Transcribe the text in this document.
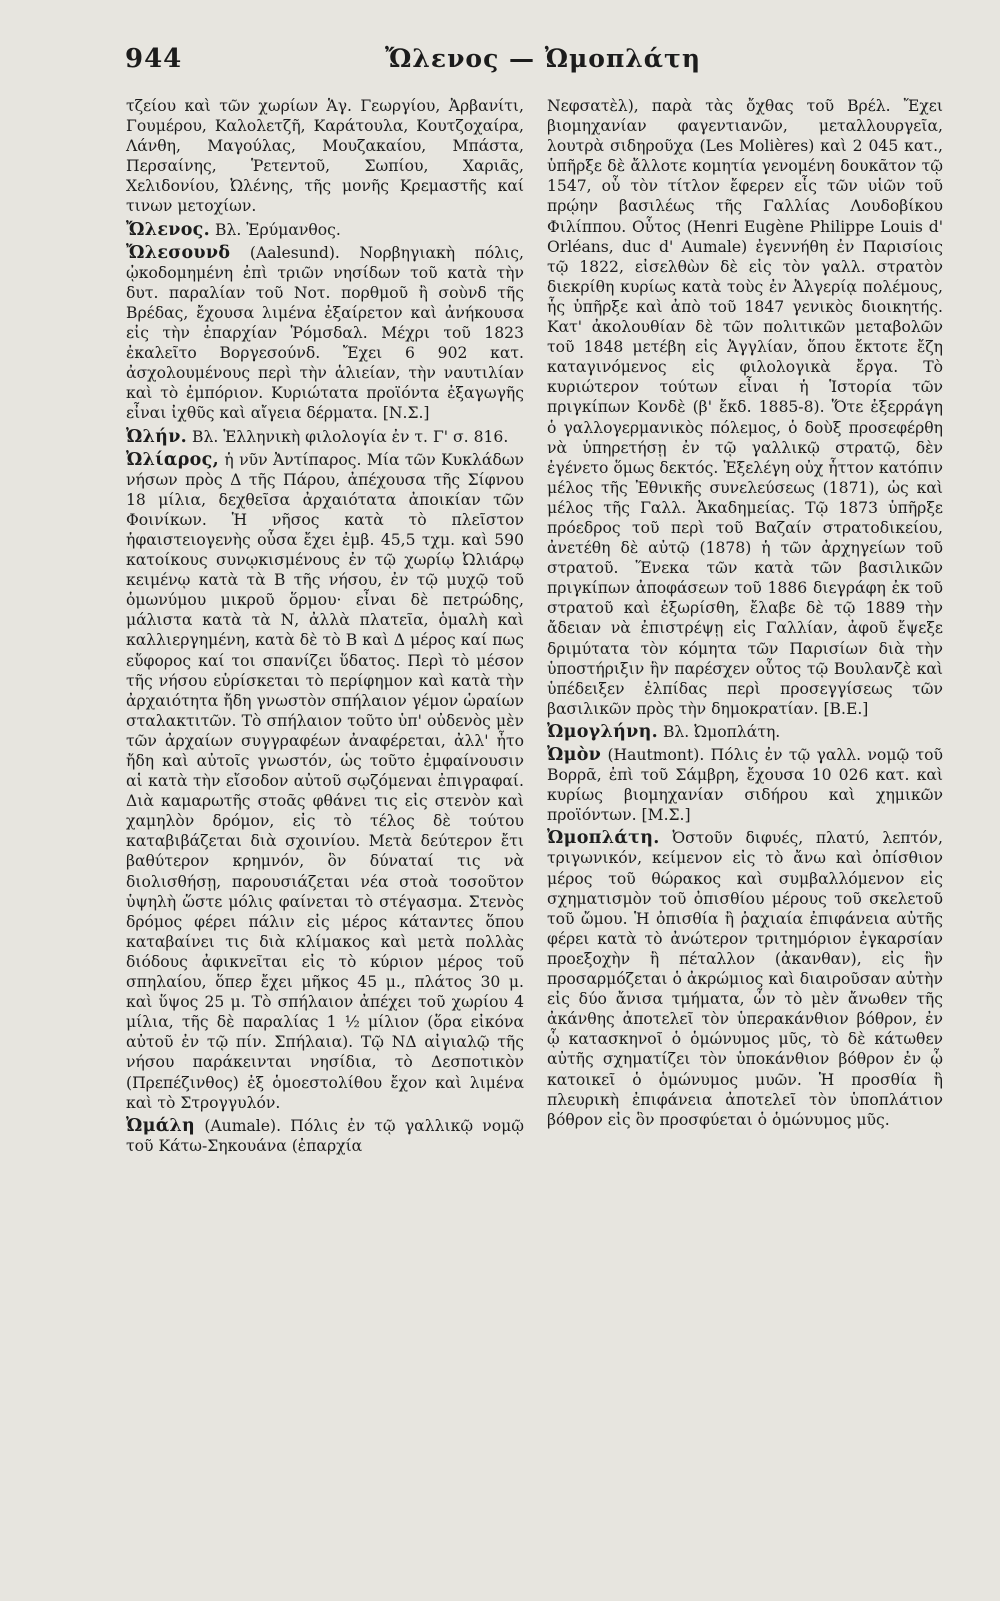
944	Ὤλενος — Ὠμοπλάτη

τζείου καὶ τῶν χωρίων Ἁγ. Γεωργίου, Ἀρβανίτι, Γουμέρου, Καλολετζῆ, Καράτουλα, Κουτζοχαίρα, Λάνθη, Μαγούλας, Μουζακαίου, Μπάστα, Περσαίνης, Ῥετεντοῦ, Σωπίου, Χαριᾶς, Χελιδονίου, Ὠλένης, τῆς μονῆς Κρεμαστῆς καί τινων μετοχίων.

Ὤλενος. Βλ. Ἐρύμανθος.

Ὤλεσουνδ (Aalesund). Νορβηγιακὴ πόλις, ᾠκοδομημένη ἐπὶ τριῶν νησίδων τοῦ κατὰ τὴν δυτ. παραλίαν τοῦ Νοτ. πορθμοῦ ἢ σοὺνδ τῆς Βρέδας, ἔχουσα λιμένα ἐξαίρετον καὶ ἀνήκουσα εἰς τὴν ἐπαρχίαν Ῥόμσδαλ. Μέχρι τοῦ 1823 ἐκαλεῖτο Βοργεσούνδ. Ἔχει 6 902 κατ. ἀσχολουμένους περὶ τὴν ἁλιείαν, τὴν ναυτιλίαν καὶ τὸ ἐμπόριον. Κυριώτατα προϊόντα ἐξαγωγῆς εἶναι ἰχθῦς καὶ αἴγεια δέρματα. [Ν.Σ.]

Ὠλήν. Βλ. Ἑλληνικὴ φιλολογία ἐν τ. Γ' σ. 816.

Ὠλίαρος, ἡ νῦν Ἀντίπαρος. Μία τῶν Κυκλάδων νήσων πρὸς Δ τῆς Πάρου, ἀπέχουσα τῆς Σίφνου 18 μίλια, δεχθεῖσα ἀρχαιότατα ἀποικίαν τῶν Φοινίκων. Ἡ νῆσος κατὰ τὸ πλεῖστον ἡφαιστειογενὴς οὖσα ἔχει ἐμβ. 45,5 τχμ. καὶ 590 κατοίκους συνῳκισμένους ἐν τῷ χωρίῳ Ὠλιάρῳ κειμένῳ κατὰ τὰ Β τῆς νήσου, ἐν τῷ μυχῷ τοῦ ὁμωνύμου μικροῦ ὅρμου· εἶναι δὲ πετρώδης, μάλιστα κατὰ τὰ Ν, ἀλλὰ πλατεῖα, ὁμαλὴ καὶ καλλιεργημένη, κατὰ δὲ τὸ Β καὶ Δ μέρος καί πως εὔφορος καί τοι σπανίζει ὕδατος. Περὶ τὸ μέσον τῆς νήσου εὑρίσκεται τὸ περίφημον καὶ κατὰ τὴν ἀρχαιότητα ἤδη γνωστὸν σπήλαιον γέμον ὡραίων σταλακτιτῶν. Τὸ σπήλαιον τοῦτο ὑπ' οὐδενὸς μὲν τῶν ἀρχαίων συγγραφέων ἀναφέρεται, ἀλλ' ἦτο ἤδη καὶ αὐτοῖς γνωστόν, ὡς τοῦτο ἐμφαίνουσιν αἱ κατὰ τὴν εἴσοδον αὐτοῦ σῳζόμεναι ἐπιγραφαί. Διὰ καμαρωτῆς στοᾶς φθάνει τις εἰς στενὸν καὶ χαμηλὸν δρόμον, εἰς τὸ τέλος δὲ τούτου καταβιβάζεται διὰ σχοινίου. Μετὰ δεύτερον ἔτι βαθύτερον κρημνόν, ὃν δύναταί τις νὰ διολισθήσῃ, παρουσιάζεται νέα στοὰ τοσοῦτον ὑψηλὴ ὥστε μόλις φαίνεται τὸ στέγασμα. Στενὸς δρόμος φέρει πάλιν εἰς μέρος κάταντες ὅπου καταβαίνει τις διὰ κλίμακος καὶ μετὰ πολλὰς διόδους ἀφικνεῖται εἰς τὸ κύριον μέρος τοῦ σπηλαίου, ὅπερ ἔχει μῆκος 45 μ., πλάτος 30 μ. καὶ ὕψος 25 μ. Τὸ σπήλαιον ἀπέχει τοῦ χωρίου 4 μίλια, τῆς δὲ παραλίας 1 ½ μίλιον (ὅρα εἰκόνα αὐτοῦ ἐν τῷ πίν. Σπήλαια). Τῷ ΝΔ αἰγιαλῷ τῆς νήσου παράκεινται νησίδια, τὸ Δεσποτικὸν (Πρεπέζινθος) ἐξ ὁμοεστολίθου ἔχον καὶ λιμένα καὶ τὸ Στρογγυλόν.

Ὠμάλη (Aumale). Πόλις ἐν τῷ γαλλικῷ νομῷ τοῦ Κάτω-Σηκουάνα (ἐπαρχία

Νεφσατὲλ), παρὰ τὰς ὄχθας τοῦ Βρέλ. Ἔχει βιομηχανίαν φαγεντιανῶν, μεταλλουργεῖα, λουτρὰ σιδηροῦχα (Les Molières) καὶ 2 045 κατ., ὑπῆρξε δὲ ἄλλοτε κομητία γενομένη δουκᾶτον τῷ 1547, οὗ τὸν τίτλον ἔφερεν εἷς τῶν υἱῶν τοῦ πρῴην βασιλέως τῆς Γαλλίας Λουδοβίκου Φιλίππου. Οὗτος (Henri Eugène Philippe Louis d' Orléans, duc d' Aumale) ἐγεννήθη ἐν Παρισίοις τῷ 1822, εἰσελθὼν δὲ εἰς τὸν γαλλ. στρατὸν διεκρίθη κυρίως κατὰ τοὺς ἐν Ἀλγερίᾳ πολέμους, ἧς ὑπῆρξε καὶ ἀπὸ τοῦ 1847 γενικὸς διοικητής. Κατ' ἀκολουθίαν δὲ τῶν πολιτικῶν μεταβολῶν τοῦ 1848 μετέβη εἰς Ἀγγλίαν, ὅπου ἔκτοτε ἔζη καταγινόμενος εἰς φιλολογικὰ ἔργα. Τὸ κυριώτερον τούτων εἶναι ἡ Ἱστορία τῶν πριγκίπων Κονδὲ (β' ἔκδ. 1885-8). Ὅτε ἐξερράγη ὁ γαλλογερμανικὸς πόλεμος, ὁ δοὺξ προσεφέρθη νὰ ὑπηρετήσῃ ἐν τῷ γαλλικῷ στρατῷ, δὲν ἐγένετο ὅμως δεκτός. Ἐξελέγη οὐχ ἧττον κατόπιν μέλος τῆς Ἐθνικῆς συνελεύσεως (1871), ὡς καὶ μέλος τῆς Γαλλ. Ἀκαδημείας. Τῷ 1873 ὑπῆρξε πρόεδρος τοῦ περὶ τοῦ Βαζαίν στρατοδικείου, ἀνετέθη δὲ αὐτῷ (1878) ἡ τῶν ἀρχηγείων τοῦ στρατοῦ. Ἕνεκα τῶν κατὰ τῶν βασιλικῶν πριγκίπων ἀποφάσεων τοῦ 1886 διεγράφη ἐκ τοῦ στρατοῦ καὶ ἐξωρίσθη, ἔλαβε δὲ τῷ 1889 τὴν ἄδειαν νὰ ἐπιστρέψῃ εἰς Γαλλίαν, ἀφοῦ ἔψεξε δριμύτατα τὸν κόμητα τῶν Παρισίων διὰ τὴν ὑποστήριξιν ἣν παρέσχεν οὗτος τῷ Βουλανζὲ καὶ ὑπέδειξεν ἐλπίδας περὶ προσεγγίσεως τῶν βασιλικῶν πρὸς τὴν δημοκρατίαν. [Β.Ε.]

Ὠμογλήνη. Βλ. Ὠμοπλάτη.

Ὠμὸν (Hautmont). Πόλις ἐν τῷ γαλλ. νομῷ τοῦ Βορρᾶ, ἐπὶ τοῦ Σάμβρη, ἔχουσα 10 026 κατ. καὶ κυρίως βιομηχανίαν σιδήρου καὶ χημικῶν προϊόντων. [Μ.Σ.]

Ὠμοπλάτη. Ὀστοῦν διφυές, πλατύ, λεπτόν, τριγωνικόν, κείμενον εἰς τὸ ἄνω καὶ ὀπίσθιον μέρος τοῦ θώρακος καὶ συμβαλλόμενον εἰς σχηματισμὸν τοῦ ὀπισθίου μέρους τοῦ σκελετοῦ τοῦ ὤμου. Ἡ ὀπισθία ἢ ῥαχιαία ἐπιφάνεια αὐτῆς φέρει κατὰ τὸ ἀνώτερον τριτημόριον ἐγκαρσίαν προεξοχὴν ἢ πέταλλον (ἀκανθαν), εἰς ἣν προσαρμόζεται ὁ ἀκρώμιος καὶ διαιροῦσαν αὐτὴν εἰς δύο ἄνισα τμήματα, ὧν τὸ μὲν ἄνωθεν τῆς ἀκάνθης ἀποτελεῖ τὸν ὑπερακάνθιον βόθρον, ἐν ᾧ κατασκηνοῖ ὁ ὁμώνυμος μῦς, τὸ δὲ κάτωθεν αὐτῆς σχηματίζει τὸν ὑποκάνθιον βόθρον ἐν ᾧ κατοικεῖ ὁ ὁμώνυμος μυῶν. Ἡ προσθία ἢ πλευρικὴ ἐπιφάνεια ἀποτελεῖ τὸν ὑποπλάτιον βόθρον εἰς ὃν προσφύεται ὁ ὁμώνυμος μῦς.
